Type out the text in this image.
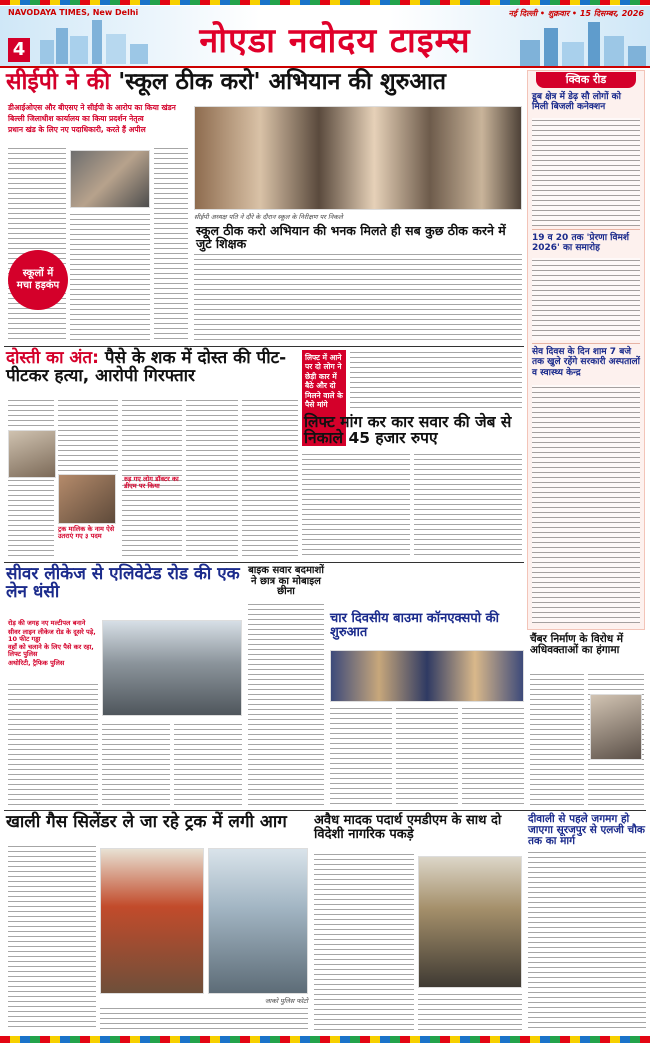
NAVODAYA TIMES, New Delhi
4	नोएडा नवोदय टाइम्स
नई दिल्ली • शुक्रवार • 15 दिसम्बर, 2026
सीईपी ने की 'स्कूल ठीक करो' अभियान की शुरुआत
डीआईओएस और बीएसए ने सीईपी के आरोप का किया खंडन
बिल्ली जिलाधीश कार्यालय का किया प्रदर्शन नेतृत्व
प्रधान खंड के लिए नए पदाधिकारी, करते हैं अपील
स्कूलों में मचा हड़कंप
सीईपी अध्यक्ष पति ने दौरे के दौरान स्कूल के निरीक्षण पर निकले
स्कूल ठीक करो अभियान की भनक मिलते ही सब कुछ ठीक करने में जुटे शिक्षक
क्विक रीड
डूब क्षेत्र में डेढ़ सौ लोगों को मिली बिजली कनेक्शन
19 व 20 तक 'प्रेरणा विमर्श 2026' का समारोह
सेव दिवस के दिन शाम 7 बजे तक खुले रहेंगे सरकारी अस्पतालों व स्वास्थ्य केन्द्र
दोस्ती का अंत: पैसे के शक में दोस्त की पीट-पीटकर हत्या, आरोपी गिरफ्तार
ट्रक मालिक के नाम ऐसे उतराएं गए ३ पदम
रुड़ गए लोग डॉक्टर का डीएम पर किया
लिफ्ट में आने पर दो लोग ने छेड़ी कार में बैठे और दो मिलने वाले के पैसे मांगे
लिफ्ट मांग कर कार सवार की जेब से निकाले 45 हजार रुपए
सीवर लीकेज से एलिवेटेड रोड की एक लेन धंसी
रोड़ की जगह नए मल्टीपल बनाने
सीवर लाइन लीकेज रोड के दूसरे पड़े, 10 फीट गड्ढा
वहाँ को चलाने के लिए पैसे कर रहा, लिफ्ट पुलिस
अथोरिटी, ट्रैफिक पुलिस
बाइक सवार बदमाशों ने छात्र का मोबाइल छीना
चार दिवसीय बाउमा कॉनएक्सपो की शुरुआत	चैंबर निर्माण के विरोध में अधिवक्ताओं का हंगामा
खाली गैस सिलेंडर ले जा रहे ट्रक में लगी आग
जाको पुलिस फोटो
अवैध मादक पदार्थ एमडीएम के साथ दो विदेशी नागरिक पकड़े
दीवाली से पहले जगमग हो जाएगा सूरजपुर से एलजी चौक तक का मार्ग
